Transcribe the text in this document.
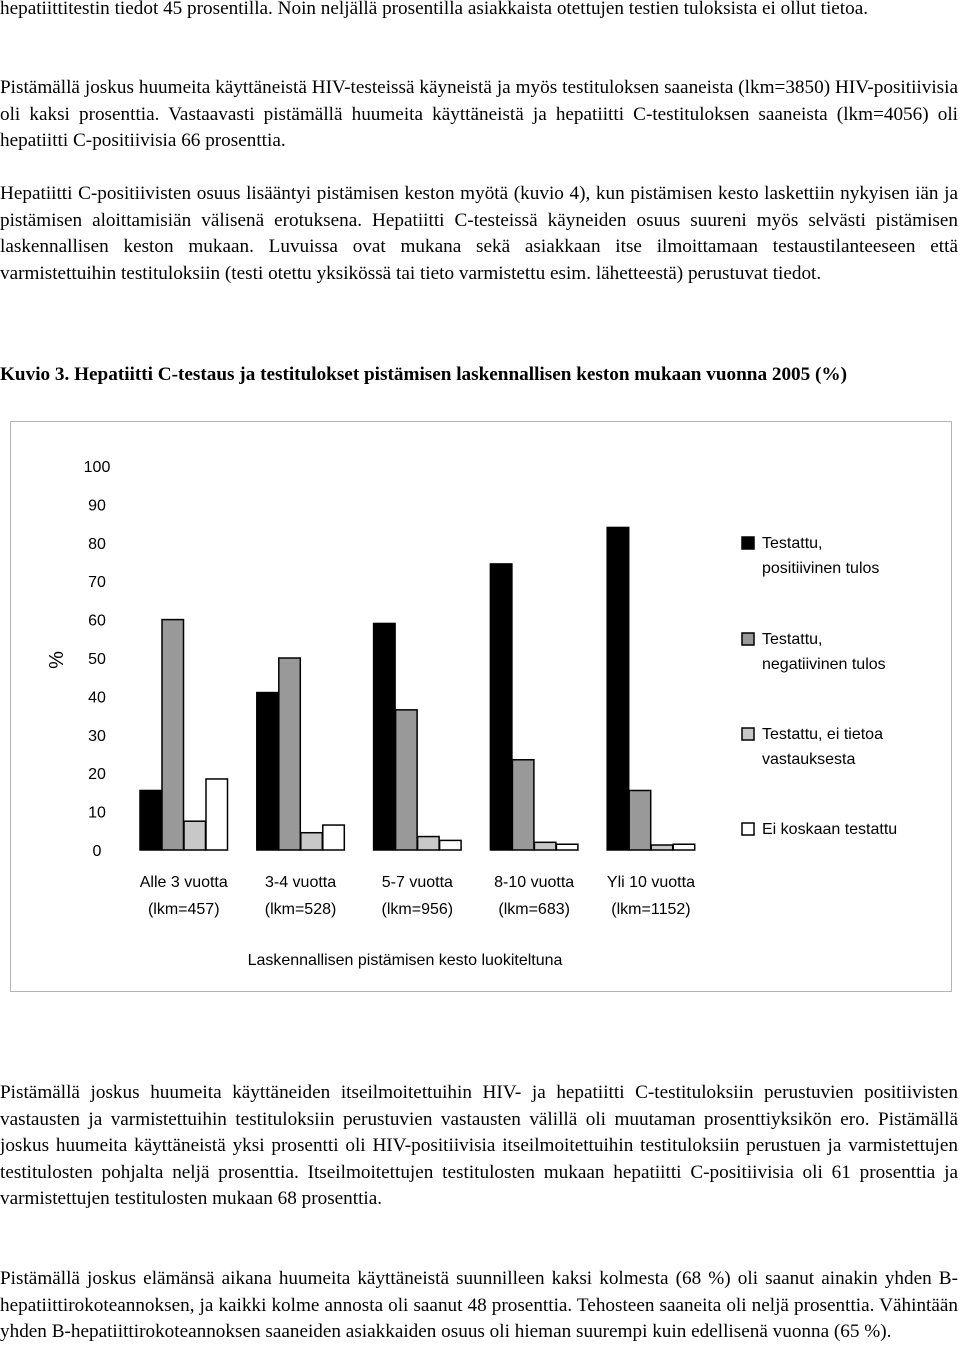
hepatiittitestin tiedot 45 prosentilla. Noin neljällä prosentilla asiakkaista otettujen testien tuloksista ei ollut tietoa.

Pistämällä joskus huumeita käyttäneistä HIV-testeissä käyneistä ja myös testituloksen saaneista (lkm=3850) HIV-positiivisia oli kaksi prosenttia. Vastaavasti pistämällä huumeita käyttäneistä ja hepatiitti C-testituloksen saaneista (lkm=4056) oli hepatiitti C-positiivisia 66 prosenttia.

Hepatiitti C-positiivisten osuus lisääntyi pistämisen keston myötä (kuvio 4), kun pistämisen kesto laskettiin nykyisen iän ja pistämisen aloittamisiän välisenä erotuksena. Hepatiitti C-testeissä käyneiden osuus suureni myös selvästi pistämisen laskennallisen keston mukaan. Luvuissa ovat mukana sekä asiakkaan itse ilmoittamaan testaustilanteeseen että varmistettuihin testituloksiin (testi otettu yksikössä tai tieto varmistettu esim. lähetteestä) perustuvat tiedot.

Kuvio 3. Hepatiitti C-testaus ja testitulokset pistämisen laskennallisen keston mukaan vuonna 2005 (%)
0
10
20
30
40
50
60
70
80
90
100
%
Alle 3 vuotta
(lkm=457)
3-4 vuotta
(lkm=528)
5-7 vuotta
(lkm=956)
8-10 vuotta
(lkm=683)
Yli 10 vuotta
(lkm=1152)
Laskennallisen pistämisen kesto luokiteltuna
Testattu,
positiivinen tulos
Testattu,
negatiivinen tulos
Testattu, ei tietoa
vastauksesta
Ei koskaan testattu

Pistämällä joskus huumeita käyttäneiden itseilmoitettuihin HIV- ja hepatiitti C-testituloksiin perustuvien positiivisten vastausten ja varmistettuihin testituloksiin perustuvien vastausten välillä oli muutaman prosenttiyksikön ero. Pistämällä joskus huumeita käyttäneistä yksi prosentti oli HIV-positiivisia itseilmoitettuihin testituloksiin perustuen ja varmistettujen testitulosten pohjalta neljä prosenttia. Itseilmoitettujen testitulosten mukaan hepatiitti C-positiivisia oli 61 prosenttia ja varmistettujen testitulosten mukaan 68 prosenttia.

Pistämällä joskus elämänsä aikana huumeita käyttäneistä suunnilleen kaksi kolmesta (68 %) oli saanut ainakin yhden B-hepatiittirokoteannoksen, ja kaikki kolme annosta oli saanut 48 prosenttia. Tehosteen saaneita oli neljä prosenttia. Vähintään yhden B-hepatiittirokoteannoksen saaneiden asiakkaiden osuus oli hieman suurempi kuin edellisenä vuonna (65 %).
